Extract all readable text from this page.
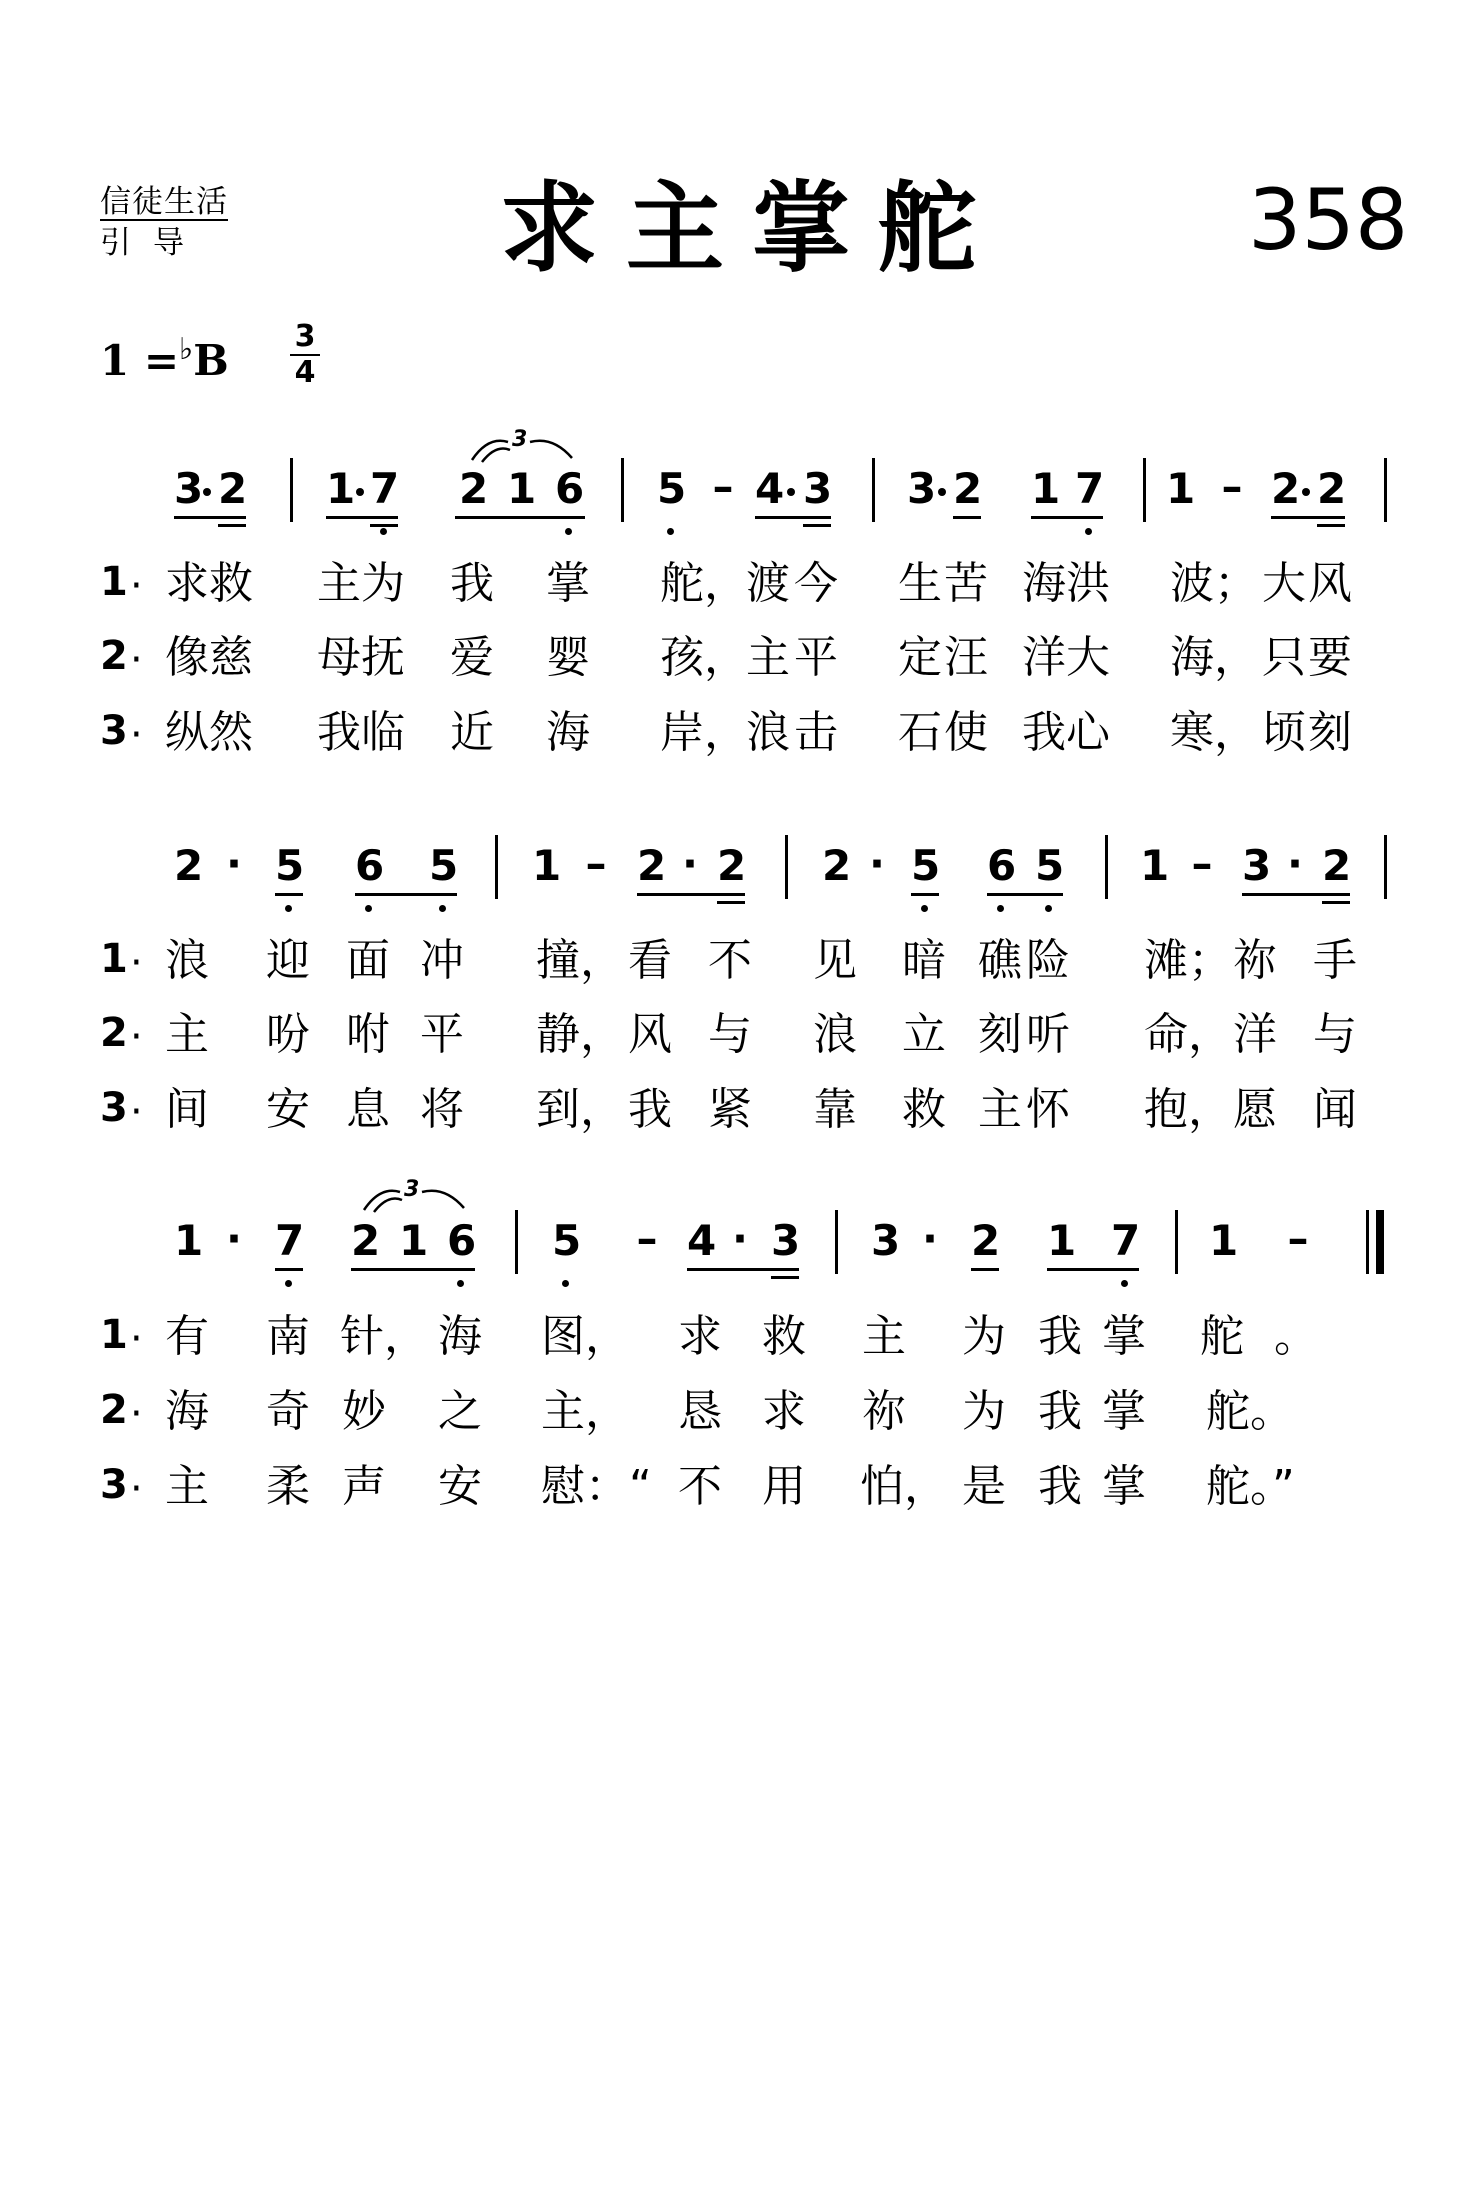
信徒生活
引导	求主掌舵	358
1 =♭B 3
4
3
3 2 1 7 2 1 6 5 – 4 3 3 2 1 7 1 – 2 2
1 · 求 救 主 为 我 掌 舵，
渡 今 生 苦 海 洪 波； 大 风
2 · 像 慈 母 抚 爱 婴 孩，
主 平 定 汪 洋 大 海， 只 要
3 · 纵 然 我 临 近 海 岸，
浪 击 石 使 我 心 寒， 顷 刻
2 · 5 6 5 1 – 2 · 2 2 · 5 6 5 1 – 3 · 2
1 · 浪 迎 面 冲 撞， 看 不 见 暗 礁 险 滩； 祢 手
2 · 主 吩 咐 平 静， 风 与 浪 立 刻 听 命， 洋 与
3 · 间 安 息 将 到， 我 紧 靠 救 主 怀 抱， 愿 闻
3
1 · 7 2 1 6 5 – 4 · 3 3 · 2 1 7 1 –
1 · 有 南 针， 海 图， 求 救 主 为 我 掌 舵 。
2 · 海 奇 妙 之 主， 恳 求 祢 为 我 掌 舵。
3 · 主 柔 声 安 慰：“ 不 用 怕， 是 我 掌 舵。”
